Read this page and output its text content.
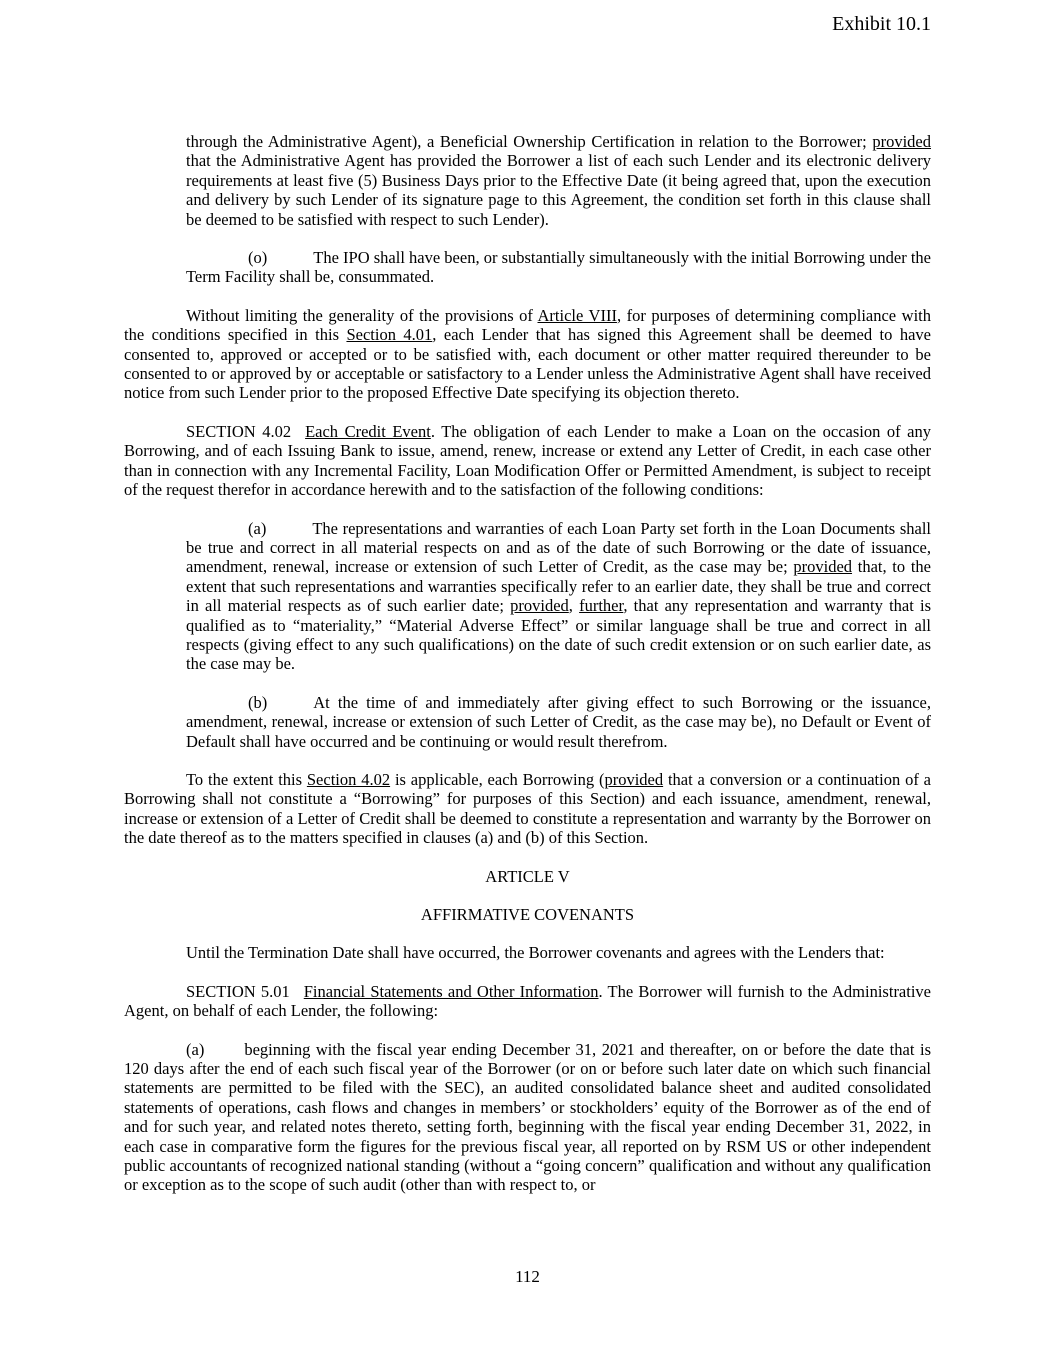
Exhibit 10.1
through the Administrative Agent), a Beneficial Ownership Certification in relation to the Borrower; provided that the Administrative Agent has provided the Borrower a list of each such Lender and its electronic delivery requirements at least five (5) Business Days prior to the Effective Date (it being agreed that, upon the execution and delivery by such Lender of its signature page to this Agreement, the condition set forth in this clause shall be deemed to be satisfied with respect to such Lender).
(o)	The IPO shall have been, or substantially simultaneously with the initial Borrowing under the Term Facility shall be, consummated.
Without limiting the generality of the provisions of Article VIII, for purposes of determining compliance with the conditions specified in this Section 4.01, each Lender that has signed this Agreement shall be deemed to have consented to, approved or accepted or to be satisfied with, each document or other matter required thereunder to be consented to or approved by or acceptable or satisfactory to a Lender unless the Administrative Agent shall have received notice from such Lender prior to the proposed Effective Date specifying its objection thereto.
SECTION 4.02 Each Credit Event. The obligation of each Lender to make a Loan on the occasion of any Borrowing, and of each Issuing Bank to issue, amend, renew, increase or extend any Letter of Credit, in each case other than in connection with any Incremental Facility, Loan Modification Offer or Permitted Amendment, is subject to receipt of the request therefor in accordance herewith and to the satisfaction of the following conditions:
(a)	The representations and warranties of each Loan Party set forth in the Loan Documents shall be true and correct in all material respects on and as of the date of such Borrowing or the date of issuance, amendment, renewal, increase or extension of such Letter of Credit, as the case may be; provided that, to the extent that such representations and warranties specifically refer to an earlier date, they shall be true and correct in all material respects as of such earlier date; provided, further, that any representation and warranty that is qualified as to “materiality,” “Material Adverse Effect” or similar language shall be true and correct in all respects (giving effect to any such qualifications) on the date of such credit extension or on such earlier date, as the case may be.
(b)	At the time of and immediately after giving effect to such Borrowing or the issuance, amendment, renewal, increase or extension of such Letter of Credit, as the case may be), no Default or Event of Default shall have occurred and be continuing or would result therefrom.
To the extent this Section 4.02 is applicable, each Borrowing (provided that a conversion or a continuation of a Borrowing shall not constitute a “Borrowing” for purposes of this Section) and each issuance, amendment, renewal, increase or extension of a Letter of Credit shall be deemed to constitute a representation and warranty by the Borrower on the date thereof as to the matters specified in clauses (a) and (b) of this Section.
ARTICLE V
AFFIRMATIVE COVENANTS
Until the Termination Date shall have occurred, the Borrower covenants and agrees with the Lenders that:
SECTION 5.01 Financial Statements and Other Information. The Borrower will furnish to the Administrative Agent, on behalf of each Lender, the following:
(a) beginning with the fiscal year ending December 31, 2021 and thereafter, on or before the date that is 120 days after the end of each such fiscal year of the Borrower (or on or before such later date on which such financial statements are permitted to be filed with the SEC), an audited consolidated balance sheet and audited consolidated statements of operations, cash flows and changes in members’ or stockholders’ equity of the Borrower as of the end of and for such year, and related notes thereto, setting forth, beginning with the fiscal year ending December 31, 2022, in each case in comparative form the figures for the previous fiscal year, all reported on by RSM US or other independent public accountants of recognized national standing (without a “going concern” qualification and without any qualification or exception as to the scope of such audit (other than with respect to, or
112
